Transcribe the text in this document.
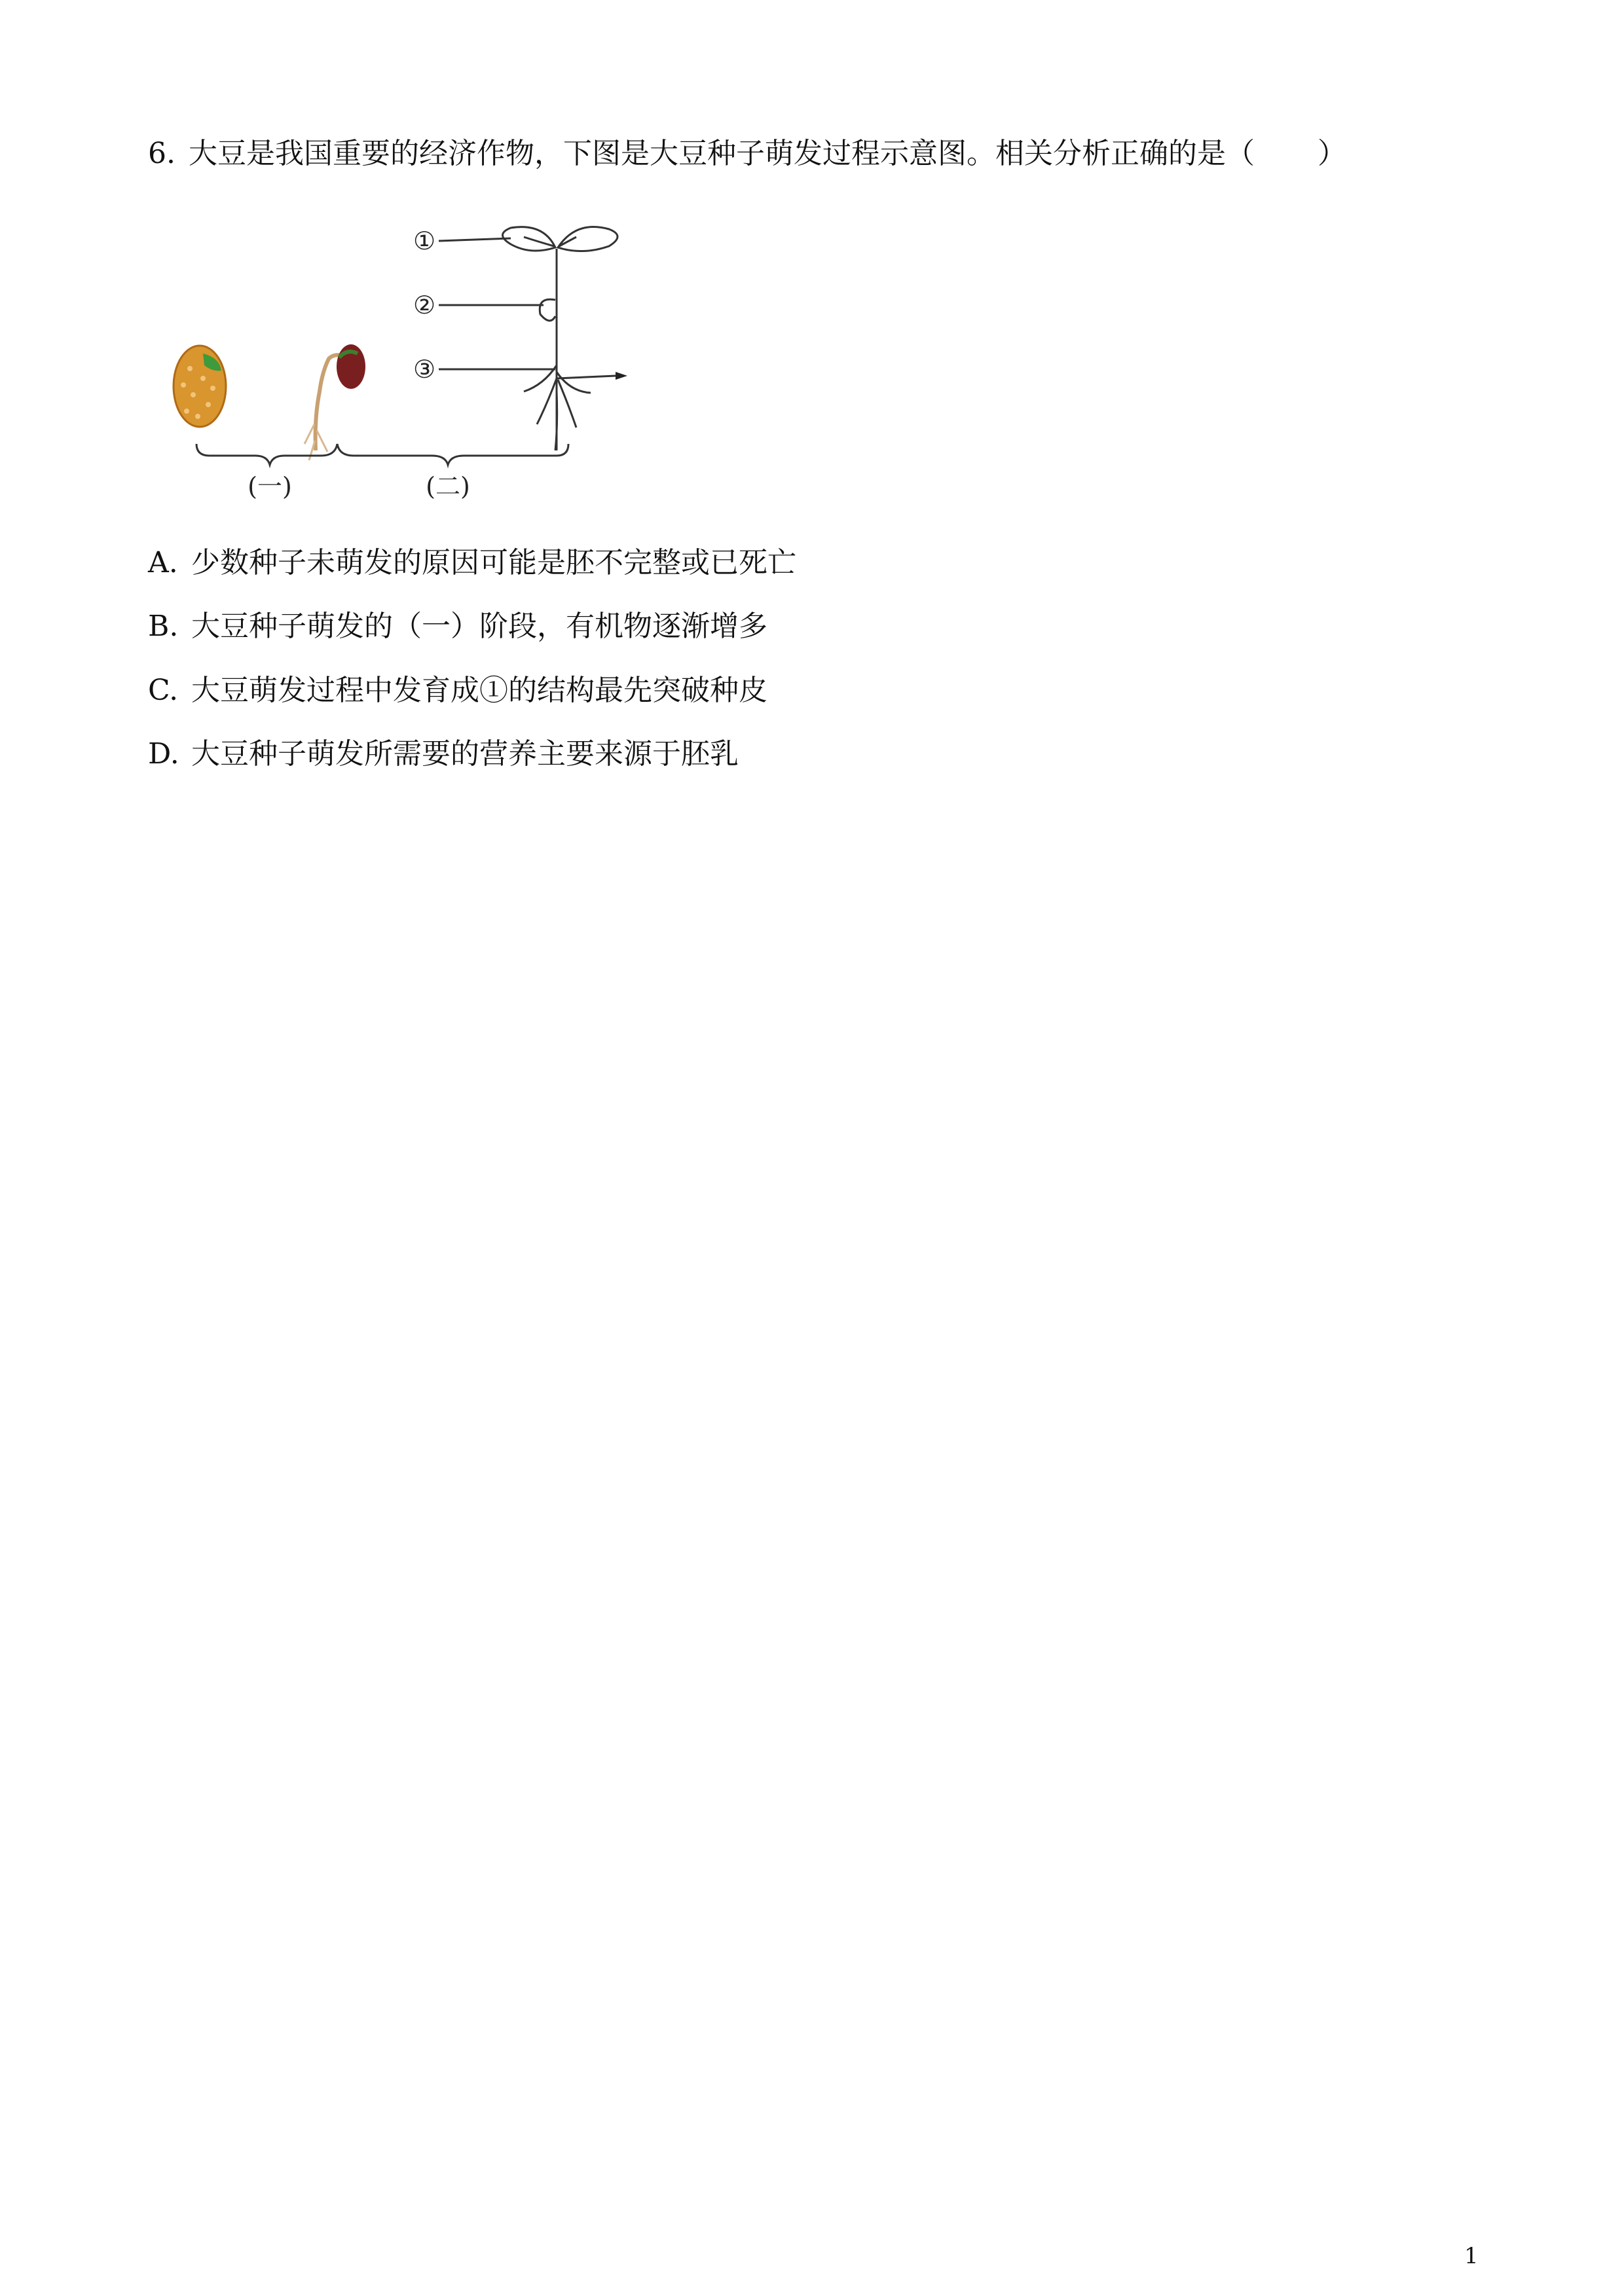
6. 大豆是我国重要的经济作物，下图是大豆种子萌发过程示意图。相关分析正确的是（ ）
①
②
③
(一)	(二)
A. 少数种子未萌发的原因可能是胚不完整或已死亡
B. 大豆种子萌发的（一）阶段，有机物逐渐增多
C. 大豆萌发过程中发育成①的结构最先突破种皮
D. 大豆种子萌发所需要的营养主要来源于胚乳
1
